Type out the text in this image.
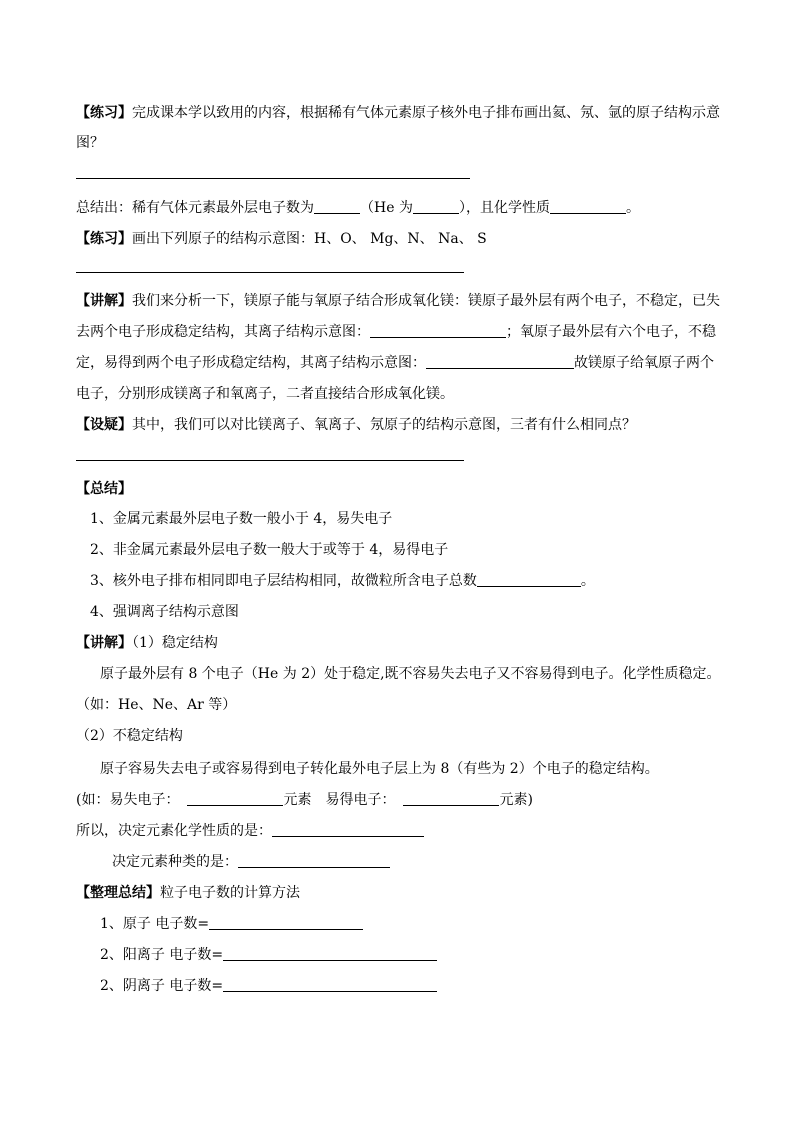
【练习】完成课本学以致用的内容，根据稀有气体元素原子核外电子排布画出氦、氖、氩的原子结构示意
图？
总结出：稀有气体元素最外层电子数为	（He 为	），且化学性质	。
【练习】画出下列原子的结构示意图：H、O、 Mg、N、 Na、 S
【讲解】我们来分析一下，镁原子能与氧原子结合形成氧化镁：镁原子最外层有两个电子，不稳定，已失
去两个电子形成稳定结构，其离子结构示意图：	；氧原子最外层有六个电子，不稳
定，易得到两个电子形成稳定结构，其离子结构示意图：	故镁原子给氧原子两个
电子，分别形成镁离子和氧离子，二者直接结合形成氧化镁。
【设疑】其中，我们可以对比镁离子、氧离子、氖原子的结构示意图，三者有什么相同点？
【总结】
1、金属元素最外层电子数一般小于 4，易失电子
2、非金属元素最外层电子数一般大于或等于 4，易得电子
3、核外电子排布相同即电子层结构相同，故微粒所含电子总数	。
4、强调离子结构示意图
【讲解】（1）稳定结构
原子最外层有 8 个电子（He 为 2）处于稳定,既不容易失去电子又不容易得到电子。化学性质稳定。
（如：He、Ne、Ar 等）
（2）不稳定结构
原子容易失去电子或容易得到电子转化最外电子层上为 8（有些为 2）个电子的稳定结构。
(如：易失电子：	元素 易得电子：	元素)
所以，决定元素化学性质的是：
决定元素种类的是：
【整理总结】粒子电子数的计算方法
1、原子 电子数=
2、阳离子 电子数=
2、阴离子 电子数=
